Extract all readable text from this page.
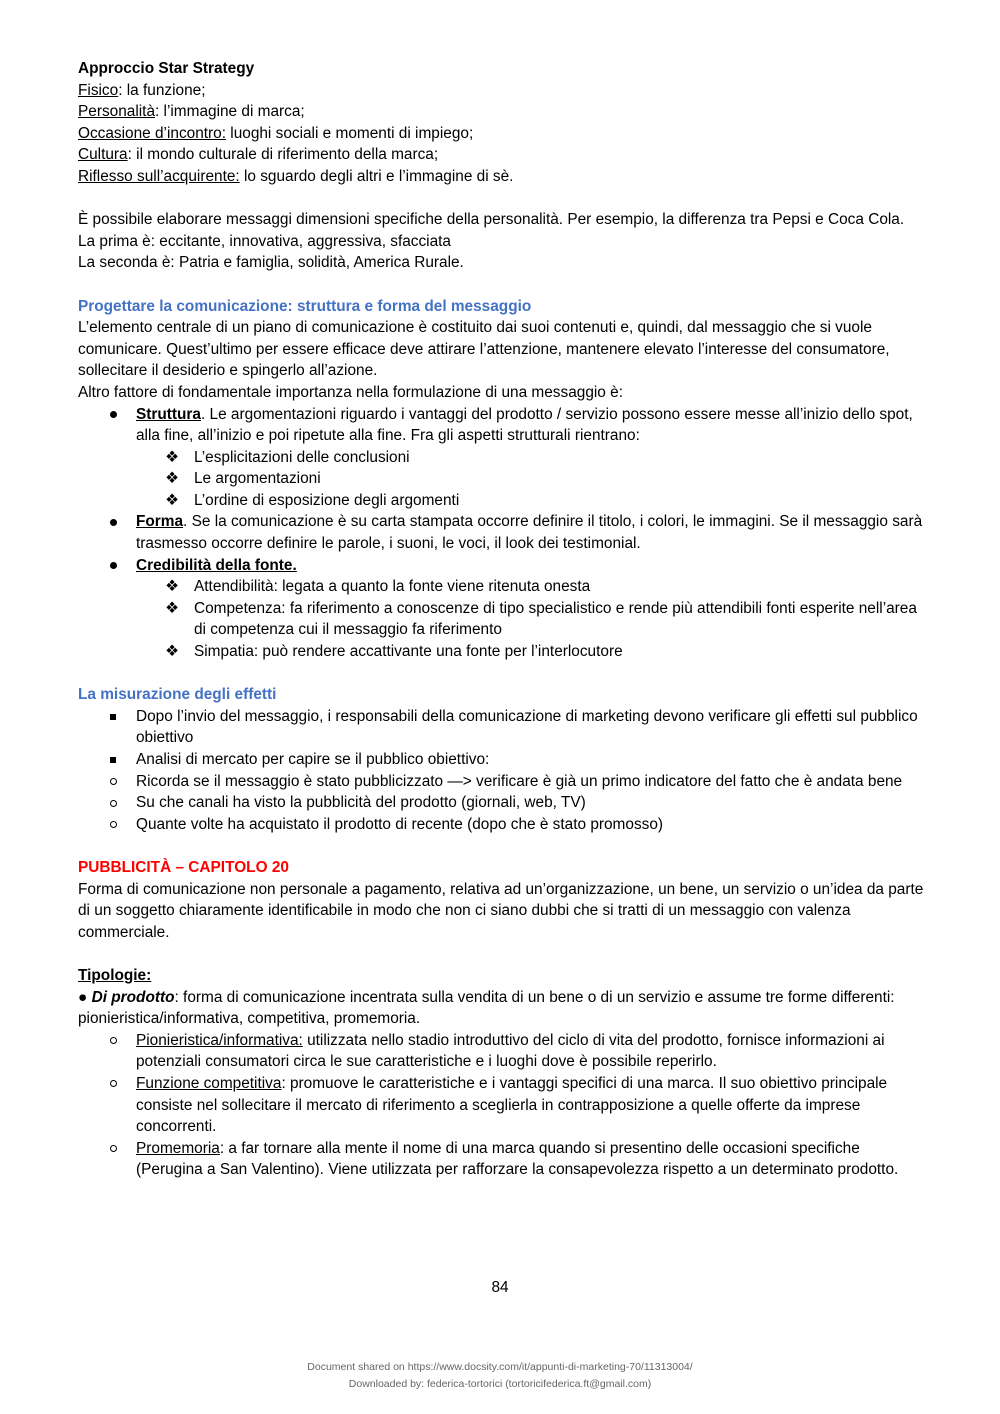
Approccio Star Strategy

Fisico: la funzione;

Personalità: l’immagine di marca;

Occasione d’incontro: luoghi sociali e momenti di impiego;

Cultura: il mondo culturale di riferimento della marca;

Riflesso sull’acquirente: lo sguardo degli altri e l’immagine di sè.

È possibile elaborare messaggi dimensioni specifiche della personalità. Per esempio, la differenza tra Pepsi e Coca Cola.

La prima è: eccitante, innovativa, aggressiva, sfacciata

La seconda è: Patria e famiglia, solidità, America Rurale.

Progettare la comunicazione: struttura e forma del messaggio

L’elemento centrale di un piano di comunicazione è costituito dai suoi contenuti e, quindi, dal messaggio che si vuole comunicare. Quest’ultimo per essere efficace deve attirare l’attenzione, mantenere elevato l’interesse del consumatore, sollecitare il desiderio e spingerlo all’azione.

Altro fattore di fondamentale importanza nella formulazione di una messaggio è:

Struttura. Le argomentazioni riguardo i vantaggi del prodotto / servizio possono essere messe all’inizio dello spot, alla fine, all’inizio e poi ripetute alla fine. Fra gli aspetti strutturali rientrano:
❖ L’esplicitazioni delle conclusioni
❖ Le argomentazioni
❖ L’ordine di esposizione degli argomenti
Forma. Se la comunicazione è su carta stampata occorre definire il titolo, i colori, le immagini. Se il messaggio sarà trasmesso occorre definire le parole, i suoni, le voci, il look dei testimonial.
Credibilità della fonte.
❖ Attendibilità: legata a quanto la fonte viene ritenuta onesta
❖ Competenza: fa riferimento a conoscenze di tipo specialistico e rende più attendibili fonti esperite nell’area di competenza cui il messaggio fa riferimento
❖ Simpatia: può rendere accattivante una fonte per l’interlocutore

La misurazione degli effetti

Dopo l’invio del messaggio, i responsabili della comunicazione di marketing devono verificare gli effetti sul pubblico obiettivo
Analisi di mercato per capire se il pubblico obiettivo:
Ricorda se il messaggio è stato pubblicizzato —> verificare è già un primo indicatore del fatto che è andata bene
Su che canali ha visto la pubblicità del prodotto (giornali, web, TV)
Quante volte ha acquistato il prodotto di recente (dopo che è stato promosso)

PUBBLICITÀ – CAPITOLO 20

Forma di comunicazione non personale a pagamento, relativa ad un’organizzazione, un bene, un servizio o un’idea da parte di un soggetto chiaramente identificabile in modo che non ci siano dubbi che si tratti di un messaggio con valenza commerciale.

Tipologie:

● Di prodotto: forma di comunicazione incentrata sulla vendita di un bene o di un servizio e assume tre forme differenti: pionieristica/informativa, competitiva, promemoria.

Pionieristica/informativa: utilizzata nello stadio introduttivo del ciclo di vita del prodotto, fornisce informazioni ai potenziali consumatori circa le sue caratteristiche e i luoghi dove è possibile reperirlo.
Funzione competitiva: promuove le caratteristiche e i vantaggi specifici di una marca. Il suo obiettivo principale consiste nel sollecitare il mercato di riferimento a sceglierla in contrapposizione a quelle offerte da imprese concorrenti.
Promemoria: a far tornare alla mente il nome di una marca quando si presentino delle occasioni specifiche (Perugina a San Valentino). Viene utilizzata per rafforzare la consapevolezza rispetto a un determinato prodotto.
84
Document shared on https://www.docsity.com/it/appunti-di-marketing-70/11313004/
Downloaded by: federica-tortorici (tortoricifederica.ft@gmail.com)
